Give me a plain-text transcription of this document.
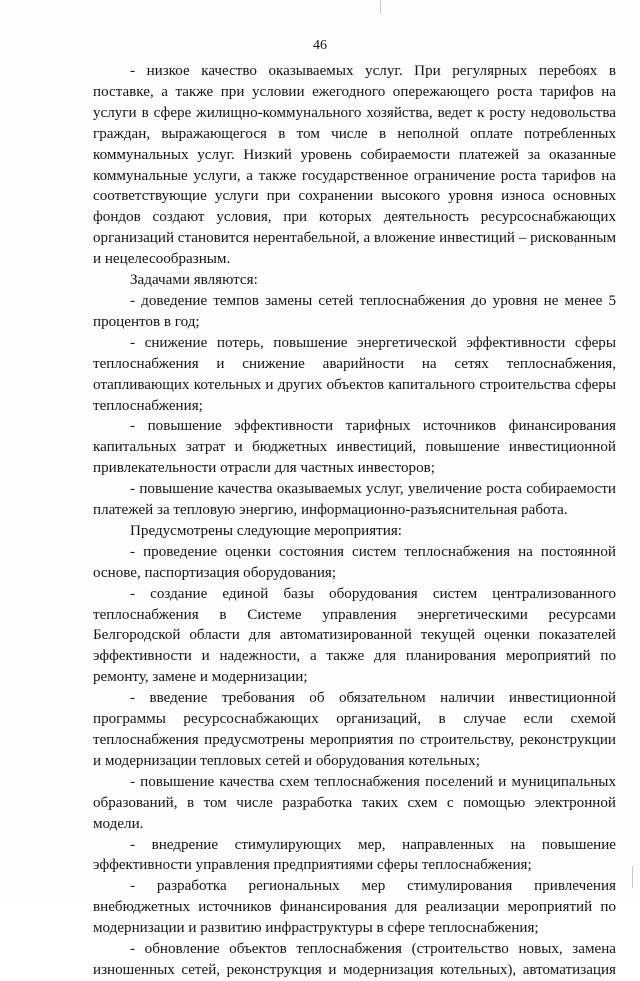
46

- низкое качество оказываемых услуг. При регулярных перебоях в поставке, а также при условии ежегодного опережающего роста тарифов на услуги в сфере жилищно-коммунального хозяйства, ведет к росту недовольства граждан, выражающегося в том числе в неполной оплате потребленных коммунальных услуг. Низкий уровень собираемости платежей за оказанные коммунальные услуги, а также государственное ограничение роста тарифов на соответствующие услуги при сохранении высокого уровня износа основных фондов создают условия, при которых деятельность ресурсоснабжающих организаций становится нерентабельной, а вложение инвестиций – рискованным и нецелесообразным.

Задачами являются:

- доведение темпов замены сетей теплоснабжения до уровня не менее 5 процентов в год;

- снижение потерь, повышение энергетической эффективности сферы теплоснабжения и снижение аварийности на сетях теплоснабжения, отапливающих котельных и других объектов капитального строительства сферы теплоснабжения;

- повышение эффективности тарифных источников финансирования капитальных затрат и бюджетных инвестиций, повышение инвестиционной привлекательности отрасли для частных инвесторов;

- повышение качества оказываемых услуг, увеличение роста собираемости платежей за тепловую энергию, информационно-разъяснительная работа.

Предусмотрены следующие мероприятия:

- проведение оценки состояния систем теплоснабжения на постоянной основе, паспортизация оборудования;

- создание единой базы оборудования систем централизованного теплоснабжения в Системе управления энергетическими ресурсами Белгородской области для автоматизированной текущей оценки показателей эффективности и надежности, а также для планирования мероприятий по ремонту, замене и модернизации;

- введение требования об обязательном наличии инвестиционной программы ресурсоснабжающих организаций, в случае если схемой теплоснабжения предусмотрены мероприятия по строительству, реконструкции и модернизации тепловых сетей и оборудования котельных;

- повышение качества схем теплоснабжения поселений и муниципальных образований, в том числе разработка таких схем с помощью электронной модели.

- внедрение стимулирующих мер, направленных на повышение эффективности управления предприятиями сферы теплоснабжения;

- разработка региональных мер стимулирования привлечения внебюджетных источников финансирования для реализации мероприятий по модернизации и развитию инфраструктуры в сфере теплоснабжения;

- обновление объектов теплоснабжения (строительство новых, замена изношенных сетей, реконструкция и модернизация котельных), автоматизация
